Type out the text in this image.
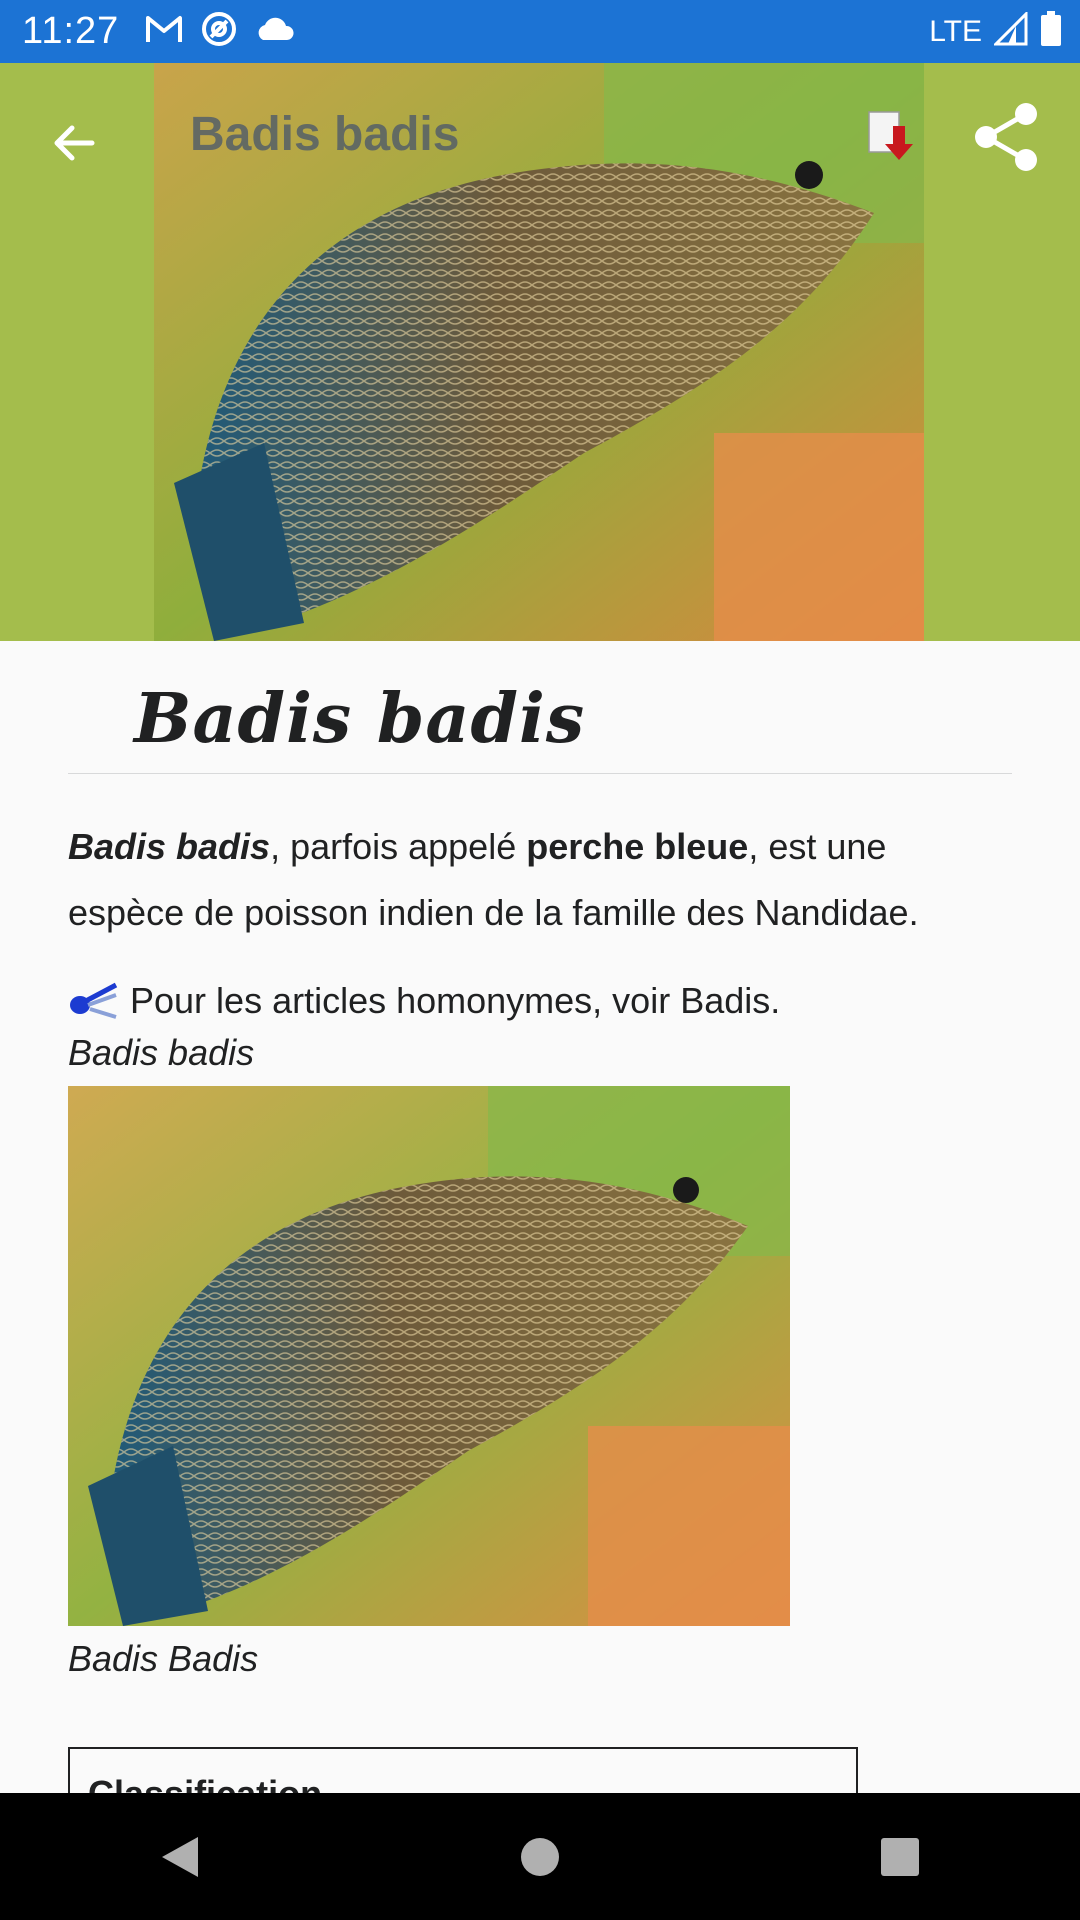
11:27	LTE
Badis badis
Badis badis

Badis badis, parfois appelé perche bleue, est une espèce de poisson indien de la famille des Nandidae.

Pour les articles homonymes, voir Badis.
Badis badis
Badis Badis
